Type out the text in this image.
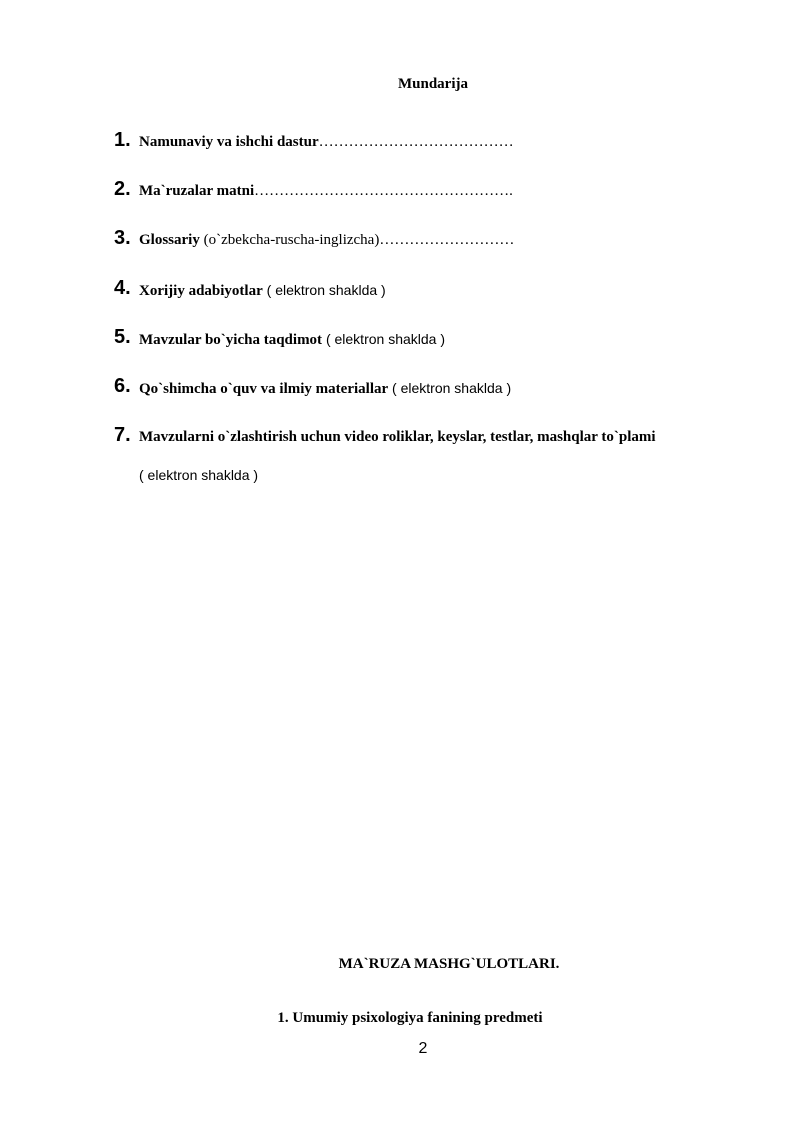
Mundarija
1. Namunaviy va ishchi dastur…………………………………
2. Ma`ruzalar matni…………………………………………….
3. Glossariy (o`zbekcha-ruscha-inglizcha)………………………
4. Xorijiy adabiyotlar ( elektron shaklda )
5. Mavzular bo`yicha taqdimot ( elektron shaklda )
6. Qo`shimcha o`quv va ilmiy materiallar ( elektron shaklda )
7. Mavzularni o`zlashtirish uchun video roliklar, keyslar, testlar, mashqlar to`plami
( elektron shaklda )
MA`RUZA MASHG`ULOTLARI.
1. Umumiy psixologiya fanining predmeti
2
